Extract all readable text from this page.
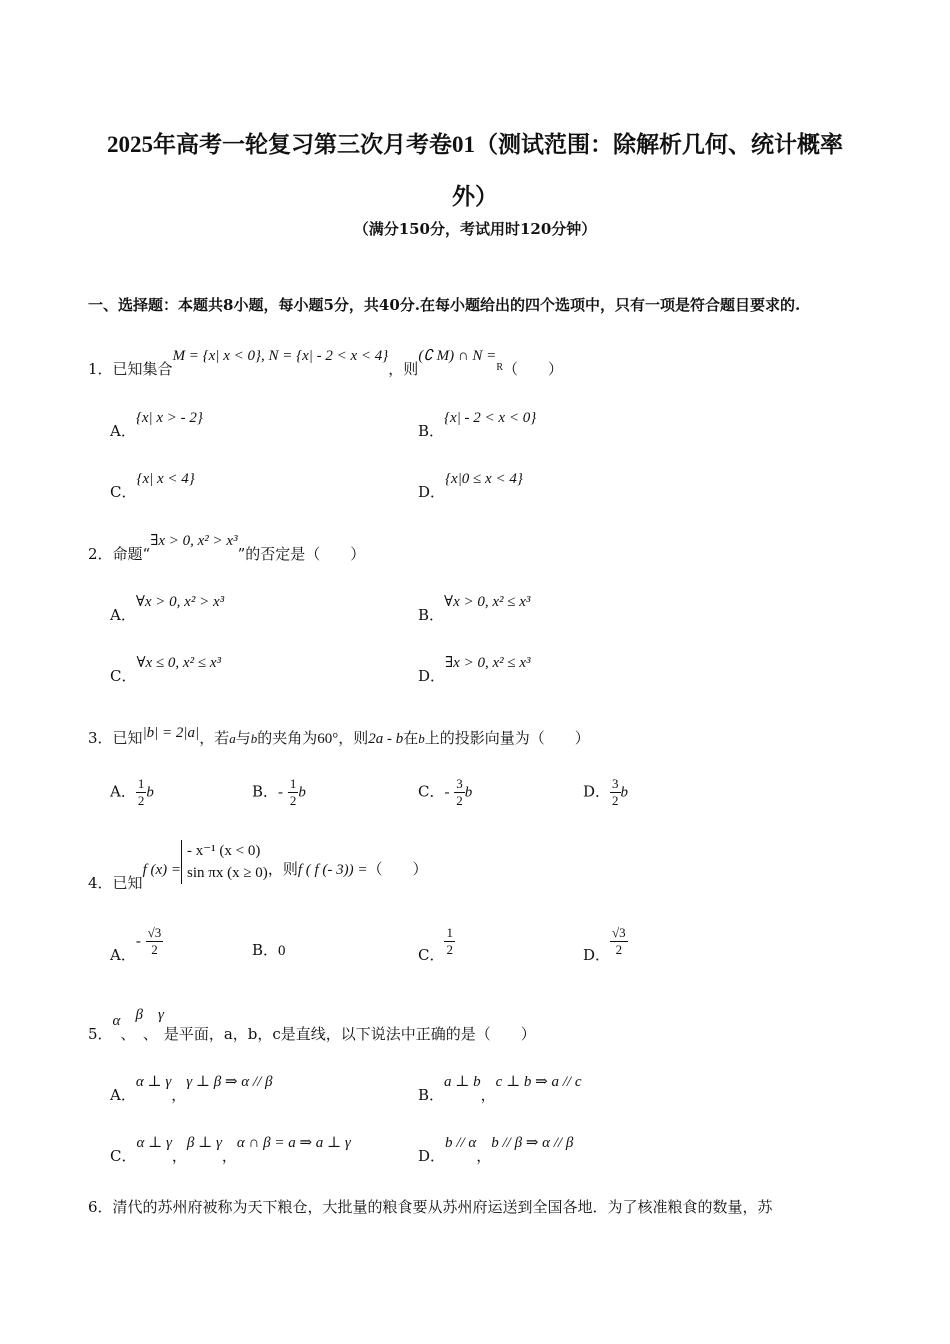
2025年高考一轮复习第三次月考卷01（测试范围：除解析几何、统计概率
外）
（满分150分，考试用时120分钟）
一、选择题：本题共8小题，每小题5分，共40分.在每小题给出的四个选项中，只有一项是符合题目要求的.
1．已知集合M = {x| x < 0}, N = {x| - 2 < x < 4}，则(∁ M) ∩ N =$^R$（　　）
A．{x| x > - 2}
B．{x| - 2 < x < 0}
C．{x| x < 4}
D．{x|0 ≤ x < 4}
2．命题“∃x > 0, x² > x³”的否定是（　　）
A．∀x > 0, x² > x³
B．∀x > 0, x² ≤ x³
C．∀x ≤ 0, x² ≤ x³
D．∃x > 0, x² ≤ x³
3．已知|b| = 2|a|，若a与b的夹角为60°，则2a - b在b上的投影向量为（　　）
A． $\frac{1}{2}$ b	B．- $\frac{1}{2}$ b	C．- $\frac{3}{2}$ b	D． $\frac{3}{2}$ b
4．已知f (x) =
- x⁻¹ (x < 0)
sin πx (x ≥ 0) ，则f ( f (- 3)) =（　　）
A．- $\frac{√3}{2}$	B．0	C． $\frac{1}{2}$	D． $\frac{√3}{2}$
5．α、β、γ是平面，a，b，c是直线，以下说法中正确的是（　　）
A．α ⊥ γ，γ ⊥ β ⇒ α // β
B．a ⊥ b，c ⊥ b ⇒ a // c
C．α ⊥ γ，β ⊥ γ，α ∩ β = a ⇒ a ⊥ γ
D．b // α，b // β ⇒ α // β
6．清代的苏州府被称为天下粮仓，大批量的粮食要从苏州府运送到全国各地．为了核准粮食的数量，苏
